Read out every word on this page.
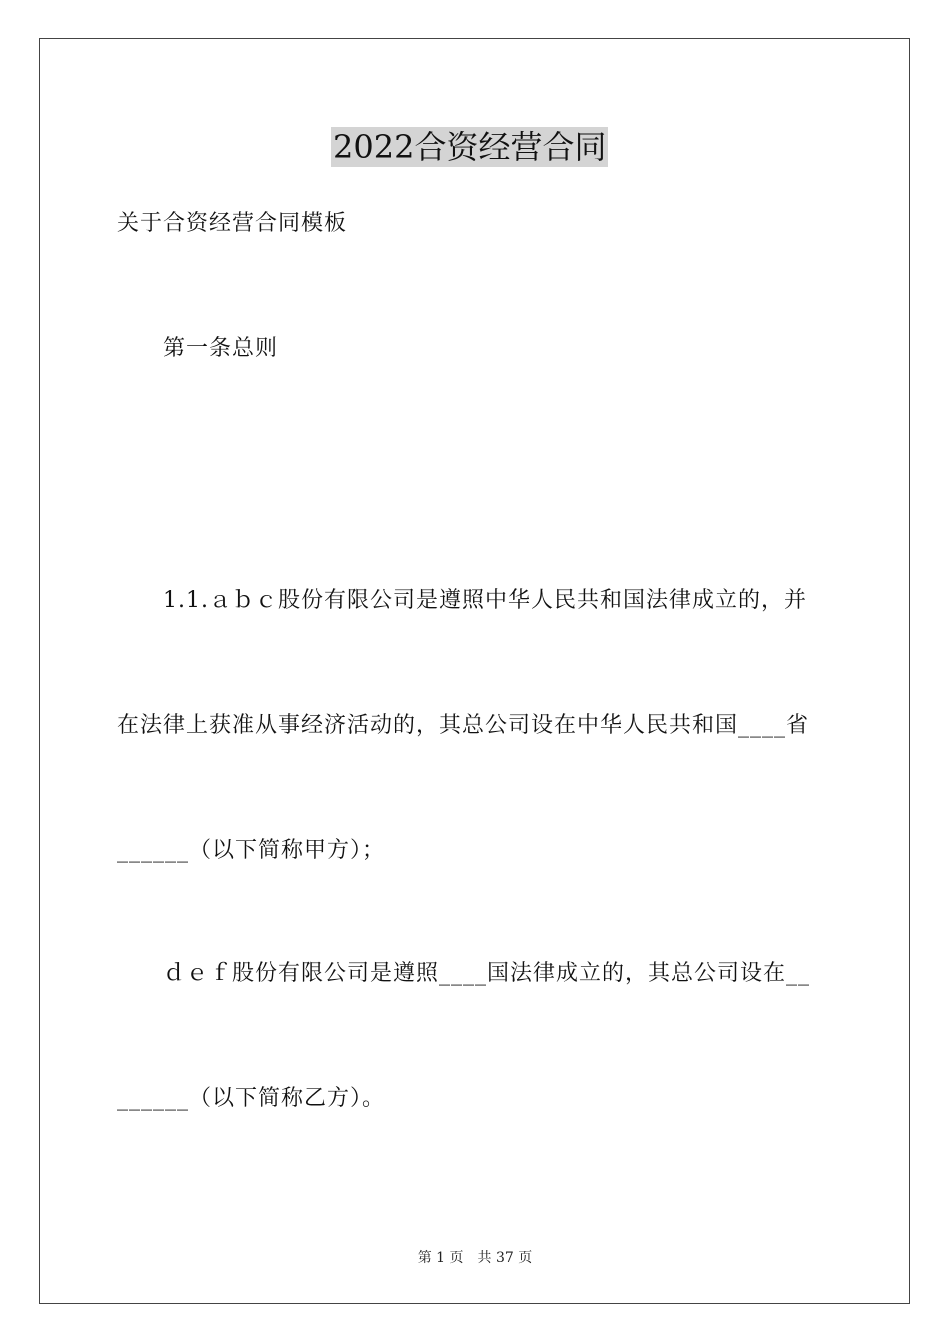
2022合资经营合同
关于合资经营合同模板
第一条总则
1.1.ａｂｃ股份有限公司是遵照中华人民共和国法律成立的，并
在法律上获准从事经济活动的，其总公司设在中华人民共和国____省
______（以下简称甲方）；
ｄｅｆ股份有限公司是遵照____国法律成立的，其总公司设在__
______（以下简称乙方）。
第 1 页　共 37 页
